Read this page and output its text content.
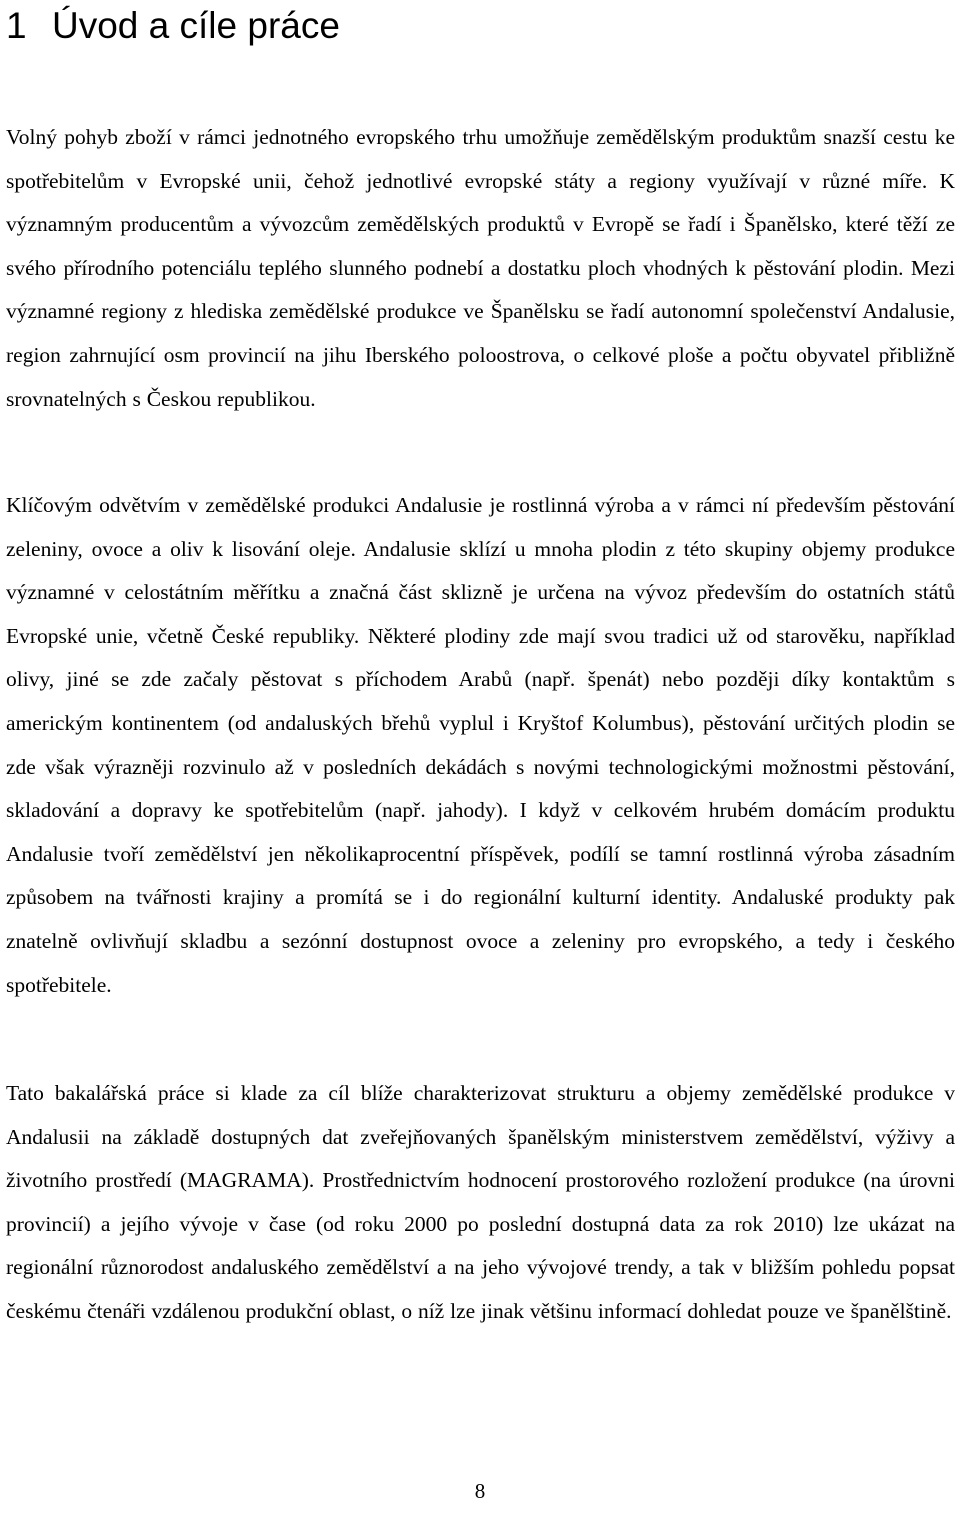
1 Úvod a cíle práce

Volný pohyb zboží v rámci jednotného evropského trhu umožňuje zemědělským produktům snazší cestu ke spotřebitelům v Evropské unii, čehož jednotlivé evropské státy a regiony využívají v různé míře. K významným producentům a vývozcům zemědělských produktů v Evropě se řadí i Španělsko, které těží ze svého přírodního potenciálu teplého slunného podnebí a dostatku ploch vhodných k pěstování plodin. Mezi významné regiony z hlediska zemědělské produkce ve Španělsku se řadí autonomní společenství Andalusie, region zahrnující osm provincií na jihu Iberského poloostrova, o celkové ploše a počtu obyvatel přibližně srovnatelných s Českou republikou.

Klíčovým odvětvím v zemědělské produkci Andalusie je rostlinná výroba a v rámci ní především pěstování zeleniny, ovoce a oliv k lisování oleje. Andalusie sklízí u mnoha plodin z této skupiny objemy produkce významné v celostátním měřítku a značná část sklizně je určena na vývoz především do ostatních států Evropské unie, včetně České republiky. Některé plodiny zde mají svou tradici už od starověku, například olivy, jiné se zde začaly pěstovat s příchodem Arabů (např. špenát) nebo později díky kontaktům s americkým kontinentem (od andaluských břehů vyplul i Kryštof Kolumbus), pěstování určitých plodin se zde však výrazněji rozvinulo až v posledních dekádách s novými technologickými možnostmi pěstování, skladování a dopravy ke spotřebitelům (např. jahody). I když v celkovém hrubém domácím produktu Andalusie tvoří zemědělství jen několikaprocentní příspěvek, podílí se tamní rostlinná výroba zásadním způsobem na tvářnosti krajiny a promítá se i do regionální kulturní identity. Andaluské produkty pak znatelně ovlivňují skladbu a sezónní dostupnost ovoce a zeleniny pro evropského, a tedy i českého spotřebitele.

Tato bakalářská práce si klade za cíl blíže charakterizovat strukturu a objemy zemědělské produkce v Andalusii na základě dostupných dat zveřejňovaných španělským ministerstvem zemědělství, výživy a životního prostředí (MAGRAMA). Prostřednictvím hodnocení prostorového rozložení produkce (na úrovni provincií) a jejího vývoje v čase (od roku 2000 po poslední dostupná data za rok 2010) lze ukázat na regionální různorodost andaluského zemědělství a na jeho vývojové trendy, a tak v bližším pohledu popsat českému čtenáři vzdálenou produkční oblast, o níž lze jinak většinu informací dohledat pouze ve španělštině.

8
